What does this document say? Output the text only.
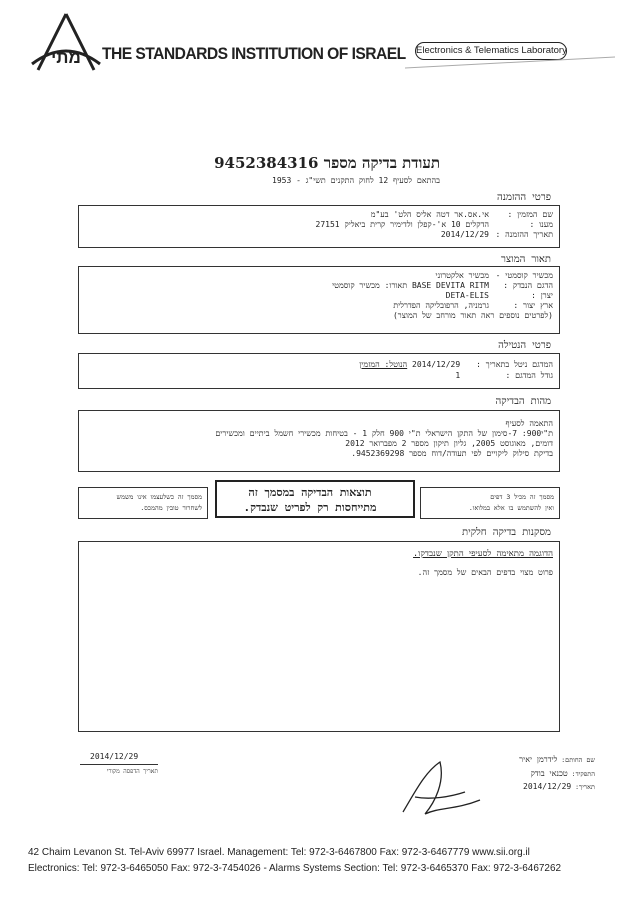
מתי	THE STANDARDS INSTITUTION OF ISRAEL Electronics & Telematics Laboratory
תעודת בדיקה מספר 9452384316
בהתאם לסעיף 12 לחוק התקנים תשי"ג - 1953
פרטי ההזמנה
שם המזמין :אי.אס.אר דטה אליס הלט' בע"מ
מענו :הדקלים 10 א'-קפלן ולדימיר קרית ביאליק 27151
תאריך ההזמנה :2014/12/29
תאור המוצר
מכשיר קוסמטי -מכשיר אלקטרוני
הדגם הנבדק :BASE DEVITA RITM תאורו: מכשיר קוסמטי
יצרן :DETA-ELIS
ארץ יצור :גרמניה, הרפובליקה הפדרלית
(לפרטים נוספים ראה תאור מורחב של המוצר)
פרטי הנטילה
המדגם ניטל בתאריך : 2014/12/29 הנוטל: המזמין
גודל המדגם : 1
מהות הבדיקה
התאמה לסעיף
ת"י900: 7-סימון של התקן הישראלי ת"י 900 חלק 1 - בטיחות מכשירי חשמל ביתיים ומכשירים
דומים, מאוגוסט 2005, גליון תיקון מספר 2 מפברואר 2012
בדיקת סילוק ליקויים לפי תעודה/דוח מספר 9452369298.
מסמך זה מכיל 3 דפים
ואין להשתמש בו אלא במלואו.
תוצאות הבדיקה במסמך זה
מתייחסות רק לפריט שנבדק.
מסמך זה כשלעצמו אינו משמש
לשחרור טובין מהמכס.
מסקנות בדיקה חלקית
הדוגמה מתאימה לסעיפי התקן שנבדקו.
פרוט מצוי בדפים הבאים של מסמך זה.
2014/12/29
תאריך הדפסה מקורי
שם החותם: לידרמן יאיר
התפקיד: טכנאי בודק
תאריך: 2014/12/29
42 Chaim Levanon St. Tel-Aviv 69977 Israel. Management: Tel: 972-3-6467800 Fax: 972-3-6467779 www.sii.org.il
Electronics: Tel: 972-3-6465050 Fax: 972-3-7454026 - Alarms Systems Section: Tel: 972-3-6465370 Fax: 972-3-6467262
